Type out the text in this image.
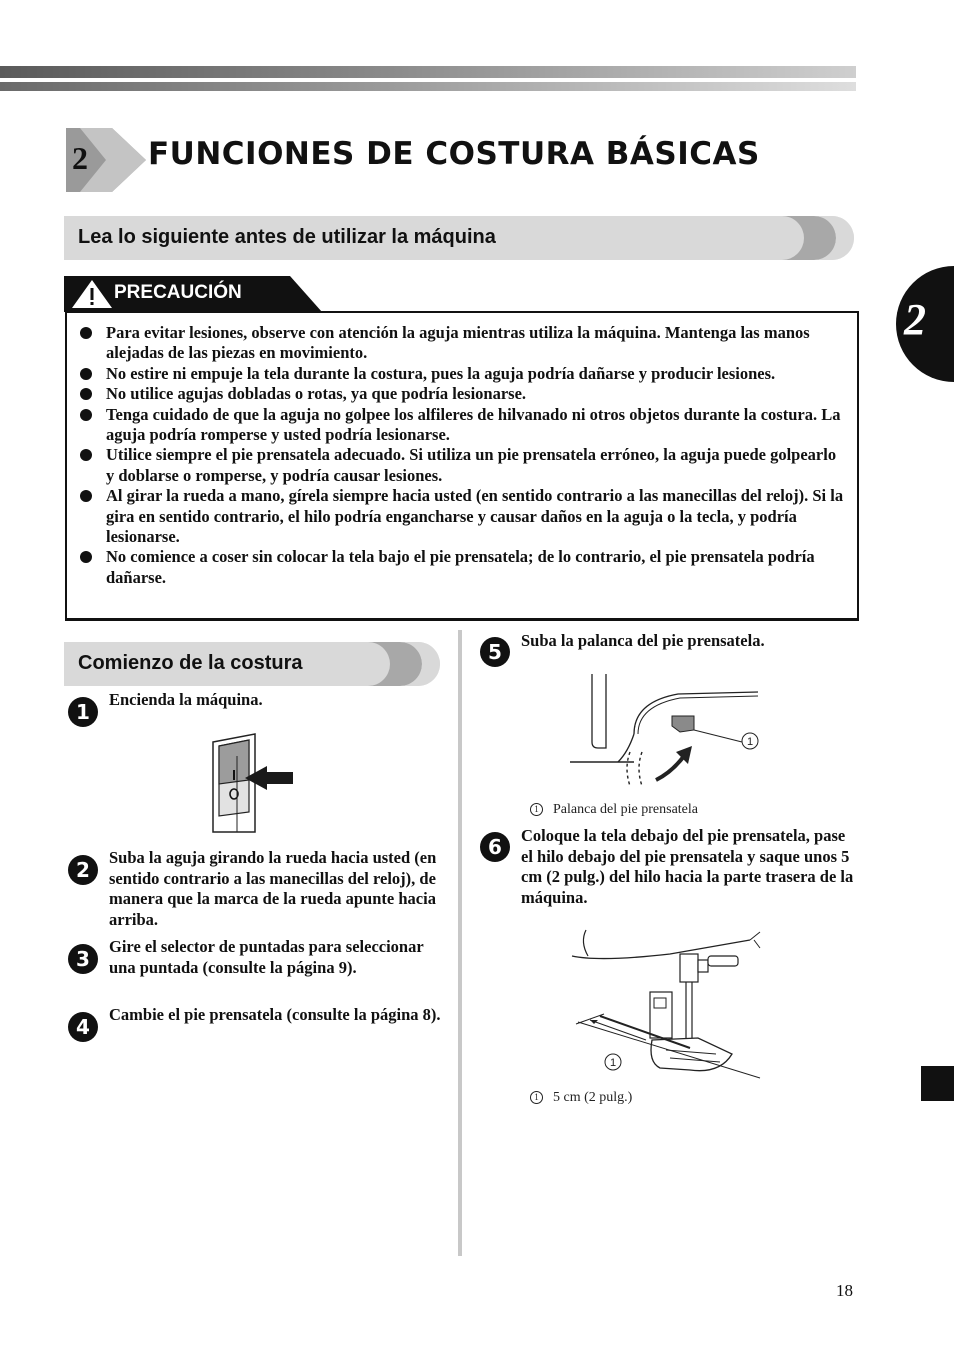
2	FUNCIONES DE COSTURA BÁSICAS
Lea lo siguiente antes de utilizar la máquina
PRECAUCIÓN
Para evitar lesiones, observe con atención la aguja mientras utiliza la máquina. Mantenga las manos alejadas de las piezas en movimiento.
No estire ni empuje la tela durante la costura, pues la aguja podría dañarse y producir lesiones.
No utilice agujas dobladas o rotas, ya que podría lesionarse.
Tenga cuidado de que la aguja no golpee los alfileres de hilvanado ni otros objetos durante la costura. La aguja podría romperse y usted podría lesionarse.
Utilice siempre el pie prensatela adecuado. Si utiliza un pie prensatela erróneo, la aguja puede golpearlo y doblarse o romperse, y podría causar lesiones.
Al girar la rueda a mano, gírela siempre hacia usted (en sentido contrario a las manecillas del reloj). Si la gira en sentido contrario, el hilo podría engancharse y causar daños en la aguja o la tecla, y podría lesionarse.
No comience a coser sin colocar la tela bajo el pie prensatela; de lo contrario, el pie prensatela podría dañarse.
Comienzo de la costura
1
Encienda la máquina.
2
Suba la aguja girando la rueda hacia usted (en sentido contrario a las manecillas del reloj), de manera que la marca de la rueda apunte hacia arriba.
3
Gire el selector de puntadas para seleccionar una puntada (consulte la página 9).
4
Cambie el pie prensatela (consulte la página 8).
5	Suba la palanca del pie prensatela.
1
1 Palanca del pie prensatela
6	Coloque la tela debajo del pie prensatela, pase el hilo debajo del pie prensatela y saque unos 5 cm (2 pulg.) del hilo hacia la parte trasera de la máquina.
1
1 5 cm (2 pulg.)
2
18
